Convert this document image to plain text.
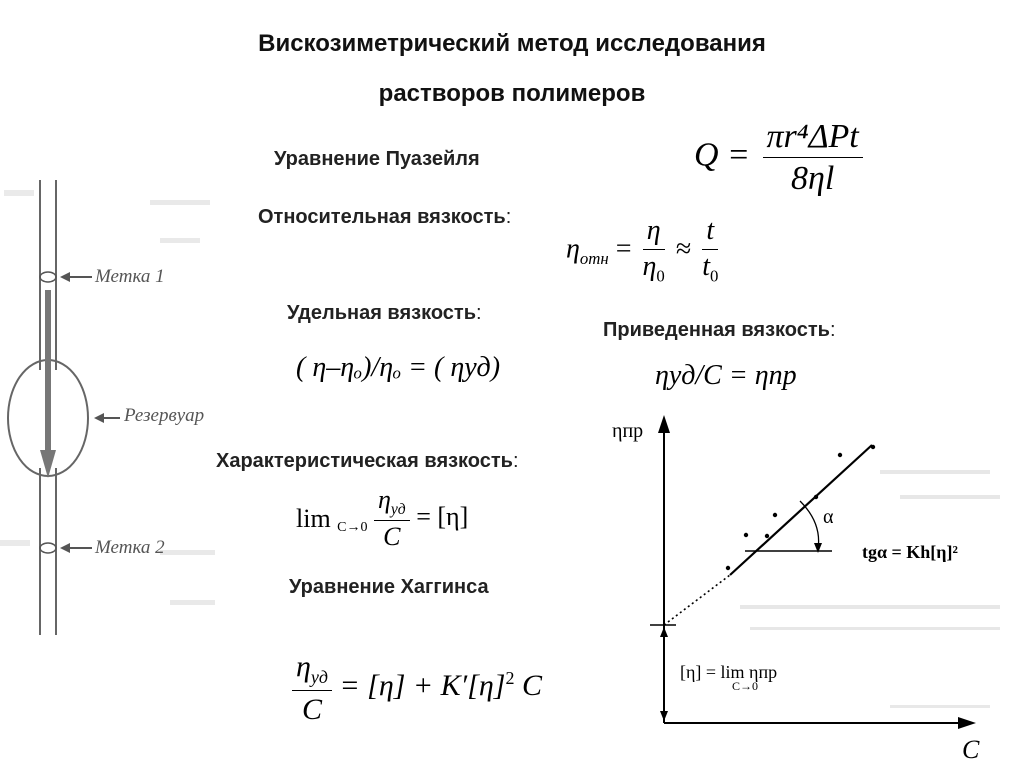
Вискозиметрический метод исследования
растворов полимеров
Уравнение Пуазейля	$Q = \frac{\text{πr⁴ΔPt}}{8\eta l}$
Относительная вязкость:
$\eta_{отн} = \frac{\eta}{\eta_0} \approx \frac{t}{t_0}$
Удельная вязкость:
( η–ηₒ)/ηₒ = ( ηуд)
Приведенная вязкость:
ηуд/C = ηпр
Характеристическая вязкость:
$\lim _{C\to 0} \frac{\eta_{уд}}{C} = [\eta]$
Уравнение Хаггинса
$\frac{\eta_{уд}}{C} = [\eta] + K'[\eta]^2$ C
Метка 1
Резервуар
Метка 2
ηпр
C
α
tgα = Kh[η]²
[η] = lim ηпр
C→0
